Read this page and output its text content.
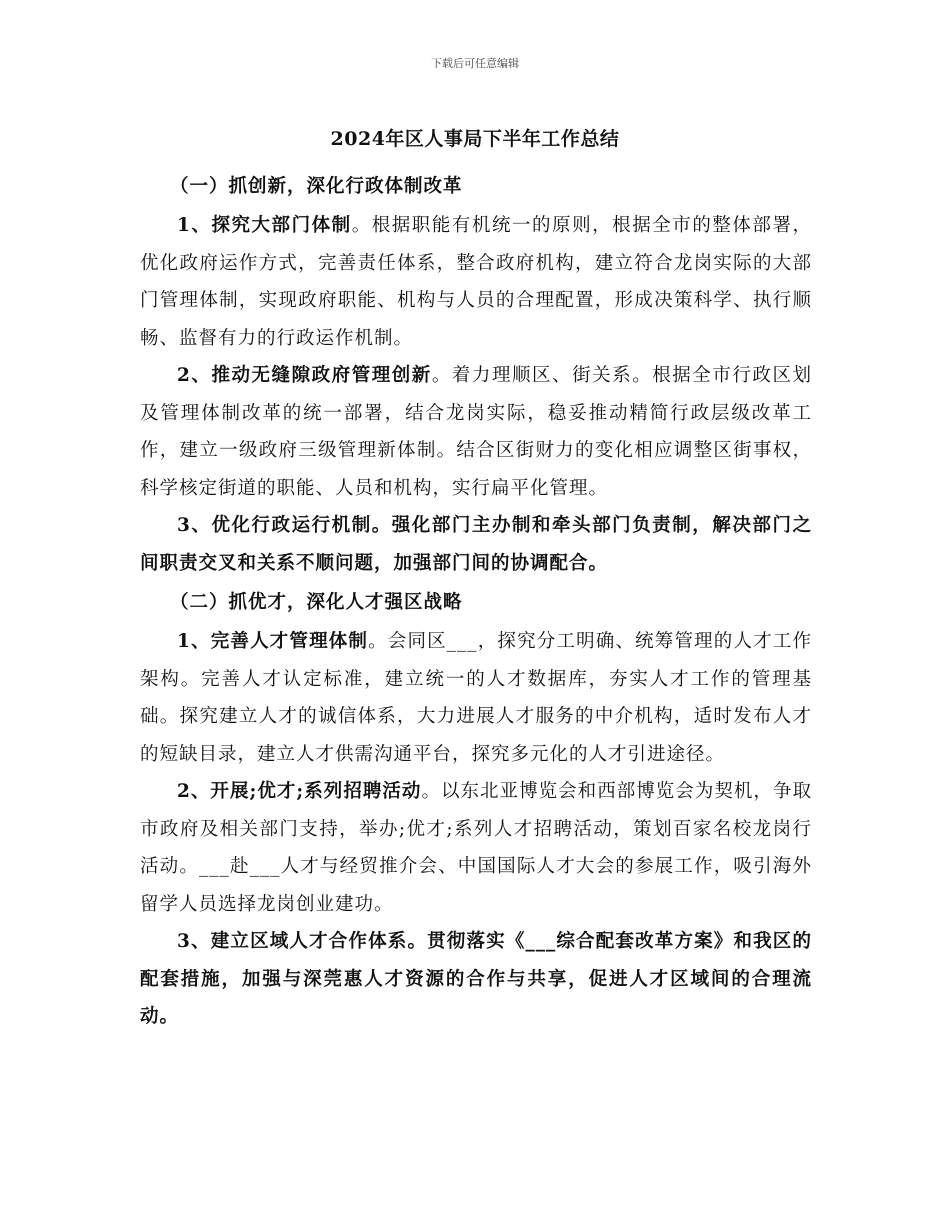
下载后可任意编辑
2024年区人事局下半年工作总结

（一）抓创新，深化行政体制改革

1、探究大部门体制。根据职能有机统一的原则，根据全市的整体部署，优化政府运作方式，完善责任体系，整合政府机构，建立符合龙岗实际的大部门管理体制，实现政府职能、机构与人员的合理配置，形成决策科学、执行顺畅、监督有力的行政运作机制。

2、推动无缝隙政府管理创新。着力理顺区、街关系。根据全市行政区划及管理体制改革的统一部署，结合龙岗实际，稳妥推动精简行政层级改革工作，建立一级政府三级管理新体制。结合区街财力的变化相应调整区街事权，科学核定街道的职能、人员和机构，实行扁平化管理。

3、优化行政运行机制。强化部门主办制和牵头部门负责制，解决部门之间职责交叉和关系不顺问题，加强部门间的协调配合。

（二）抓优才，深化人才强区战略

1、完善人才管理体制。会同区___，探究分工明确、统筹管理的人才工作架构。完善人才认定标准，建立统一的人才数据库，夯实人才工作的管理基础。探究建立人才的诚信体系，大力进展人才服务的中介机构，适时发布人才的短缺目录，建立人才供需沟通平台，探究多元化的人才引进途径。

2、开展;优才;系列招聘活动。以东北亚博览会和西部博览会为契机，争取市政府及相关部门支持，举办;优才;系列人才招聘活动，策划百家名校龙岗行活动。___赴___人才与经贸推介会、中国国际人才大会的参展工作，吸引海外留学人员选择龙岗创业建功。

3、建立区域人才合作体系。贯彻落实《___综合配套改革方案》和我区的配套措施，加强与深莞惠人才资源的合作与共享，促进人才区域间的合理流动。
